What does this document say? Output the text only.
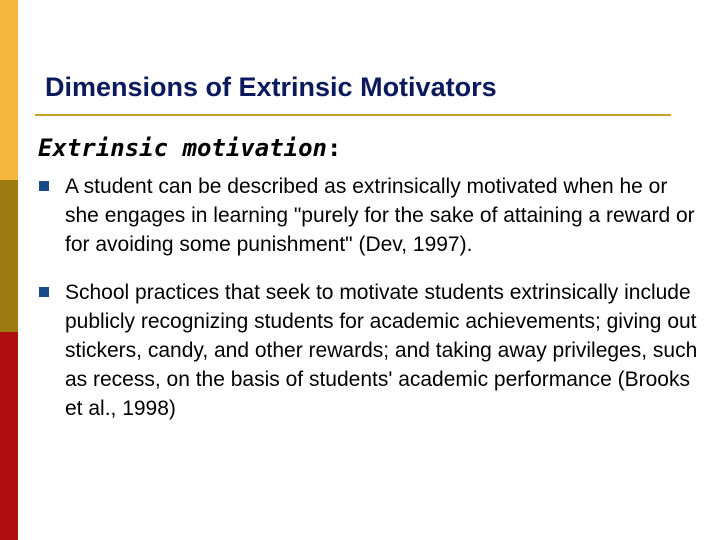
Dimensions of Extrinsic Motivators
Extrinsic motivation:
A student can be described as extrinsically motivated when he or she engages in learning "purely for the sake of attaining a reward or for avoiding some punishment" (Dev, 1997).
School practices that seek to motivate students extrinsically include publicly recognizing students for academic achievements; giving out stickers, candy, and other rewards; and taking away privileges, such as recess, on the basis of students' academic performance (Brooks et al., 1998)
